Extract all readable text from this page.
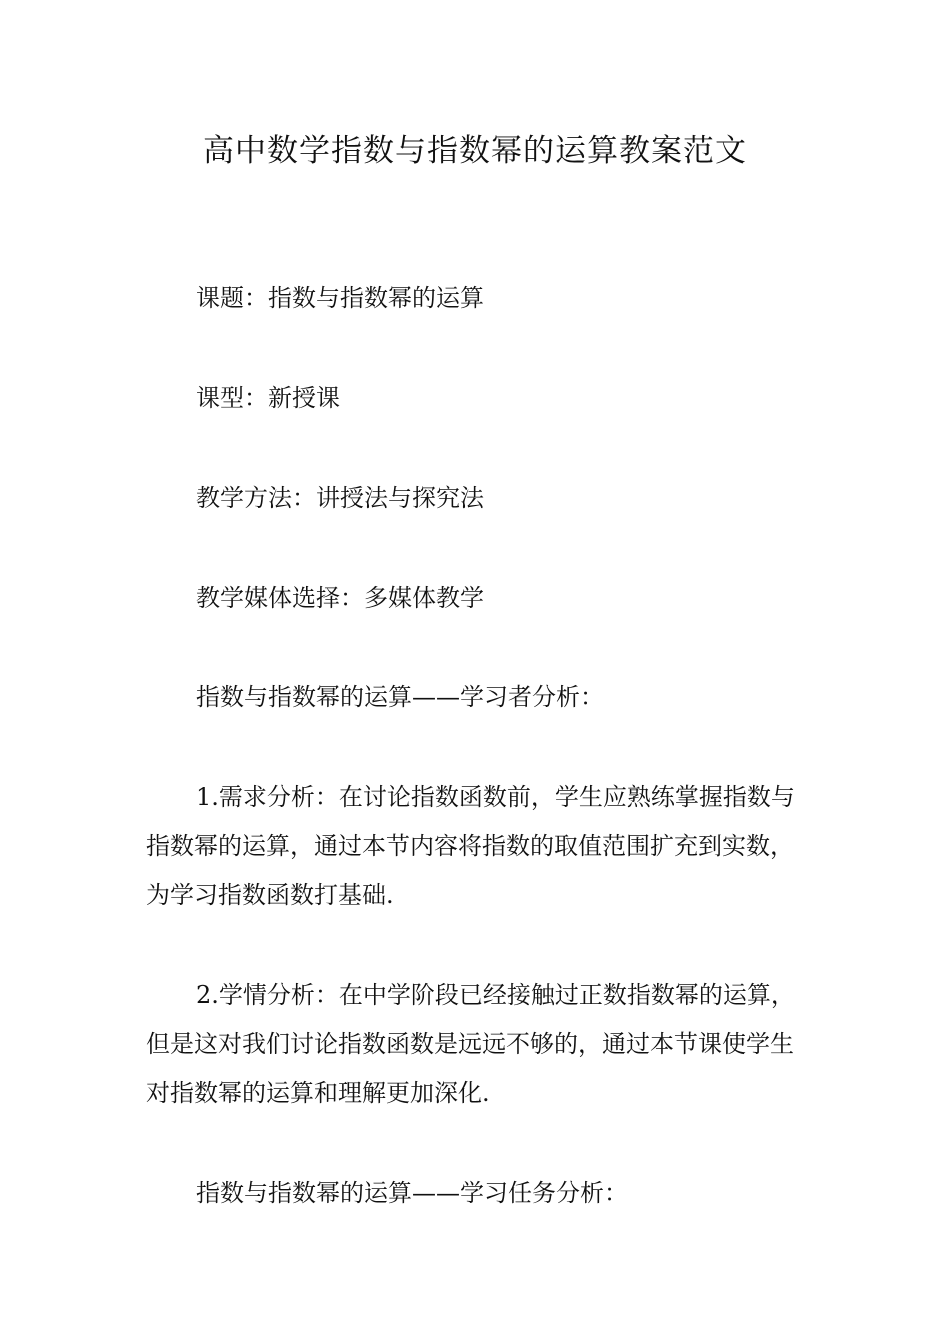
高中数学指数与指数幂的运算教案范文

课题：指数与指数幂的运算

课型：新授课

教学方法：讲授法与探究法

教学媒体选择：多媒体教学

指数与指数幂的运算——学习者分析：

1.需求分析：在讨论指数函数前，学生应熟练掌握指数与指数幂的运算，通过本节内容将指数的取值范围扩充到实数，为学习指数函数打基础.

2.学情分析：在中学阶段已经接触过正数指数幂的运算，但是这对我们讨论指数函数是远远不够的，通过本节课使学生对指数幂的运算和理解更加深化.

指数与指数幂的运算——学习任务分析：
